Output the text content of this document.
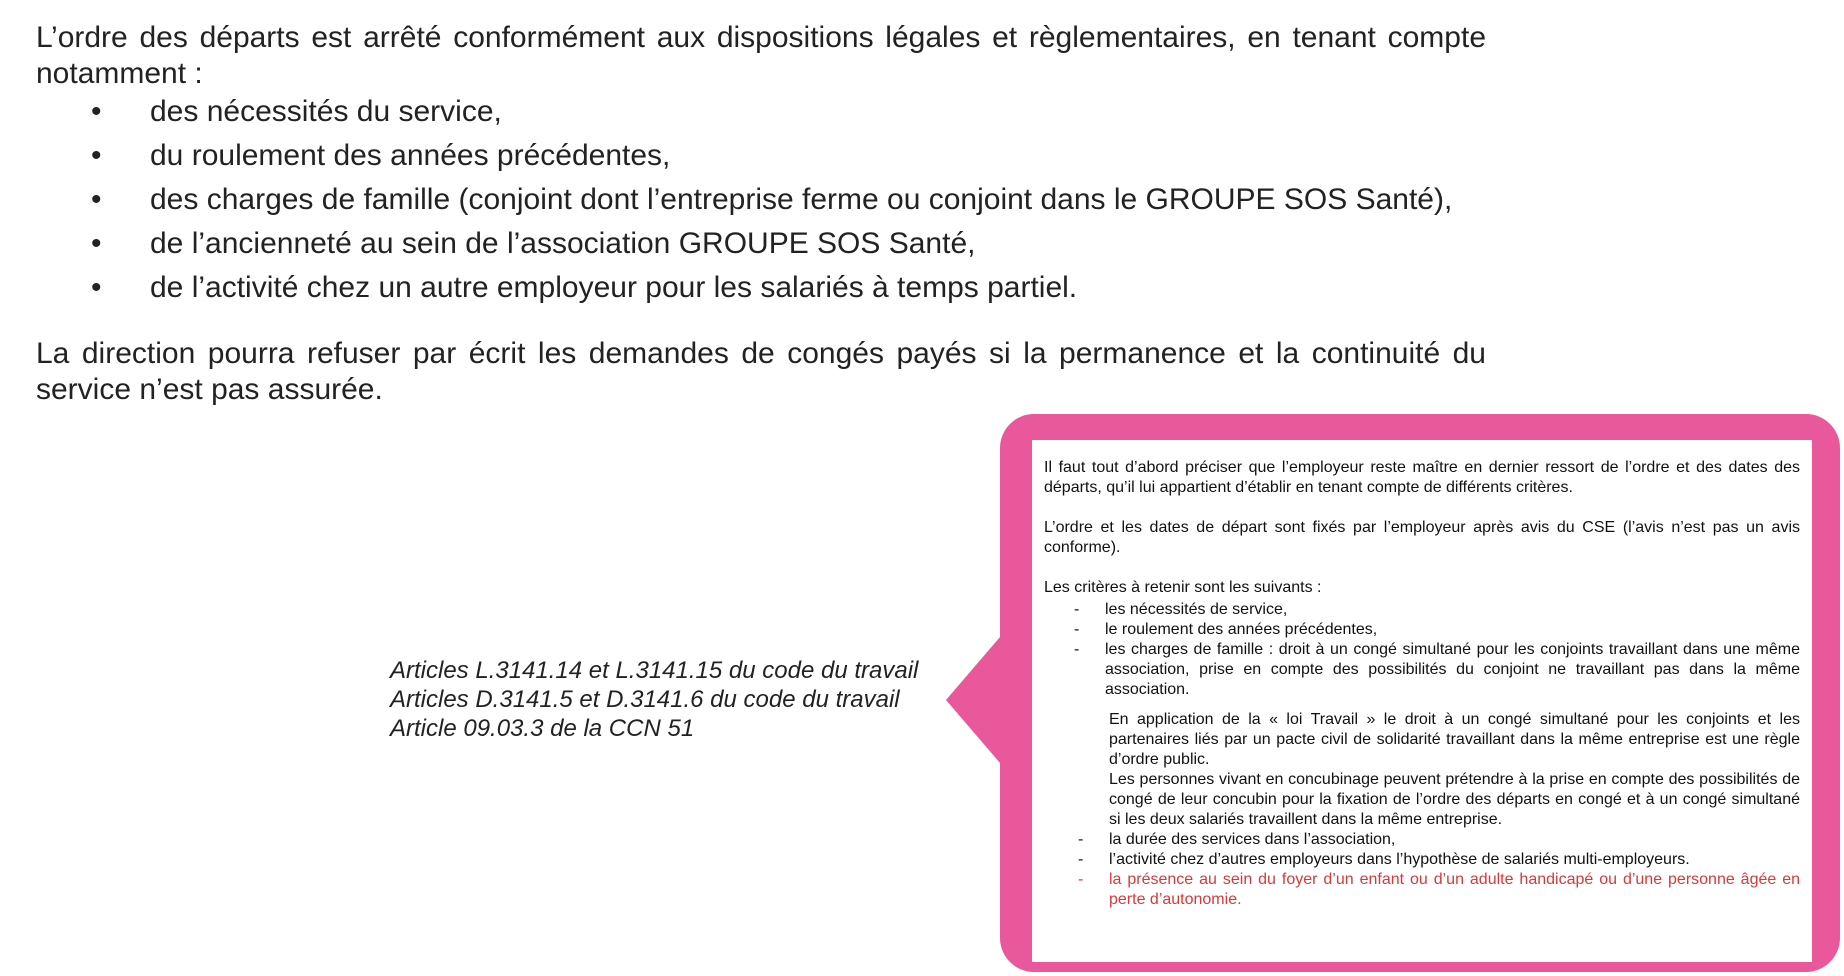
L’ordre des départs est arrêté conformément aux dispositions légales et règlementaires, en tenant compte notamment :

• des nécessités du service,
• du roulement des années précédentes,
• des charges de famille (conjoint dont l’entreprise ferme ou conjoint dans le GROUPE SOS Santé),
• de l’ancienneté au sein de l’association GROUPE SOS Santé,
• de l’activité chez un autre employeur pour les salariés à temps partiel.

La direction pourra refuser par écrit les demandes de congés payés si la permanence et la continuité du service n’est pas assurée.

Articles L.3141.14 et L.3141.15 du code du travail
Articles D.3141.5 et D.3141.6 du code du travail
Article 09.03.3 de la CCN 51

Il faut tout d’abord préciser que l’employeur reste maître en dernier ressort de l’ordre et des dates des départs, qu’il lui appartient d’établir en tenant compte de différents critères.

L’ordre et les dates de départ sont fixés par l’employeur après avis du CSE (l’avis n’est pas un avis conforme).

Les critères à retenir sont les suivants :

- les nécessités de service,
- le roulement des années précédentes,
- les charges de famille : droit à un congé simultané pour les conjoints travaillant dans une même association, prise en compte des possibilités du conjoint ne travaillant pas dans la même association.
En application de la « loi Travail » le droit à un congé simultané pour les conjoints et les partenaires liés par un pacte civil de solidarité travaillant dans la même entreprise est une règle d’ordre public.
Les personnes vivant en concubinage peuvent prétendre à la prise en compte des possibilités de congé de leur concubin pour la fixation de l’ordre des départs en congé et à un congé simultané si les deux salariés travaillent dans la même entreprise.
- la durée des services dans l’association,
- l’activité chez d’autres employeurs dans l’hypothèse de salariés multi-employeurs.
- la présence au sein du foyer d’un enfant ou d’un adulte handicapé ou d’une personne âgée en perte d’autonomie.
